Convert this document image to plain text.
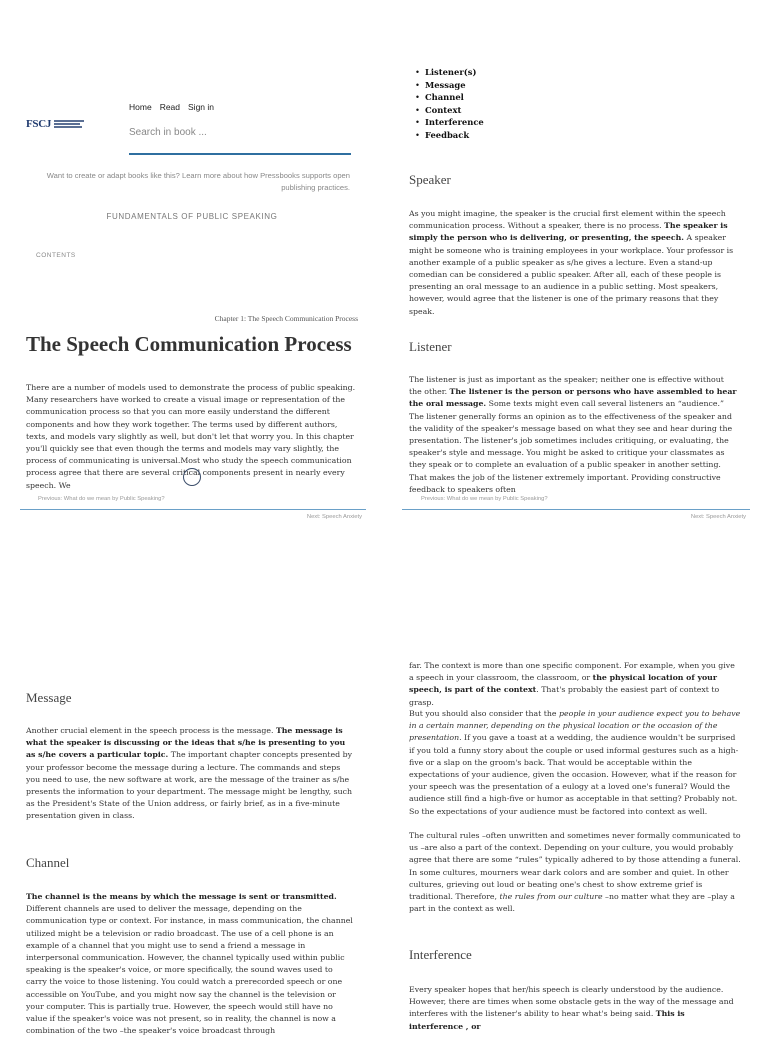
FSCJ
Home Read Sign in
Search in book ...
Want to create or adapt books like this? Learn more about how Pressbooks supports open publishing practices.
FUNDAMENTALS OF PUBLIC SPEAKING
CONTENTS
Chapter 1: The Speech Communication Process
The Speech Communication Process

There are a number of models used to demonstrate the process of public speaking. Many researchers have worked to create a visual image or representation of the communication process so that you can more easily understand the different components and how they work together. The terms used by different authors, texts, and models vary slightly as well, but don't let that worry you. In this chapter you'll quickly see that even though the terms and models may vary slightly, the process of communicating is universal.Most who study the speech communication process agree that there are several critical components present in nearly every speech. We

Previous: What do we mean by Public Speaking?
Next: Speech Anxiety
• Listener(s)
• Message
• Channel
• Context
• Interference
• Feedback
Speaker

As you might imagine, the speaker is the crucial first element within the speech communication process. Without a speaker, there is no process. The speaker is simply the person who is delivering, or presenting, the speech. A speaker might be someone who is training employees in your workplace. Your professor is another example of a public speaker as s/he gives a lecture. Even a stand-up comedian can be considered a public speaker. After all, each of these people is presenting an oral message to an audience in a public setting. Most speakers, however, would agree that the listener is one of the primary reasons that they speak.

Listener

The listener is just as important as the speaker; neither one is effective without the other. The listener is the person or persons who have assembled to hear the oral message. Some texts might even call several listeners an “audience.” The listener generally forms an opinion as to the effectiveness of the speaker and the validity of the speaker's message based on what they see and hear during the presentation. The listener's job sometimes includes critiquing, or evaluating, the speaker's style and message. You might be asked to critique your classmates as they speak or to complete an evaluation of a public speaker in another setting. That makes the job of the listener extremely important. Providing constructive feedback to speakers often

Previous: What do we mean by Public Speaking?
Next: Speech Anxiety
Message

Another crucial element in the speech process is the message. The message is what the speaker is discussing or the ideas that s/he is presenting to you as s/he covers a particular topic. The important chapter concepts presented by your professor become the message during a lecture. The commands and steps you need to use, the new software at work, are the message of the trainer as s/he presents the information to your department. The message might be lengthy, such as the President's State of the Union address, or fairly brief, as in a five-minute presentation given in class.

Channel

The channel is the means by which the message is sent or transmitted. Different channels are used to deliver the message, depending on the communication type or context. For instance, in mass communication, the channel utilized might be a television or radio broadcast. The use of a cell phone is an example of a channel that you might use to send a friend a message in interpersonal communication. However, the channel typically used within public speaking is the speaker's voice, or more specifically, the sound waves used to carry the voice to those listening. You could watch a prerecorded speech or one accessible on YouTube, and you might now say the channel is the television or your computer. This is partially true. However, the speech would still have no value if the speaker's voice was not present, so in reality, the channel is now a combination of the two –the speaker's voice broadcast through

far. The context is more than one specific component. For example, when you give a speech in your classroom, the classroom, or the physical location of your speech, is part of the context. That's probably the easiest part of context to grasp.

But you should also consider that the people in your audience expect you to behave in a certain manner, depending on the physical location or the occasion of the presentation. If you gave a toast at a wedding, the audience wouldn't be surprised if you told a funny story about the couple or used informal gestures such as a high-five or a slap on the groom's back. That would be acceptable within the expectations of your audience, given the occasion. However, what if the reason for your speech was the presentation of a eulogy at a loved one's funeral? Would the audience still find a high-five or humor as acceptable in that setting? Probably not. So the expectations of your audience must be factored into context as well.

The cultural rules –often unwritten and sometimes never formally communicated to us –are also a part of the context. Depending on your culture, you would probably agree that there are some “rules” typically adhered to by those attending a funeral. In some cultures, mourners wear dark colors and are somber and quiet. In other cultures, grieving out loud or beating one's chest to show extreme grief is traditional. Therefore, the rules from our culture –no matter what they are –play a part in the context as well.

Interference

Every speaker hopes that her/his speech is clearly understood by the audience. However, there are times when some obstacle gets in the way of the message and interferes with the listener's ability to hear what's being said. This is interference , or
